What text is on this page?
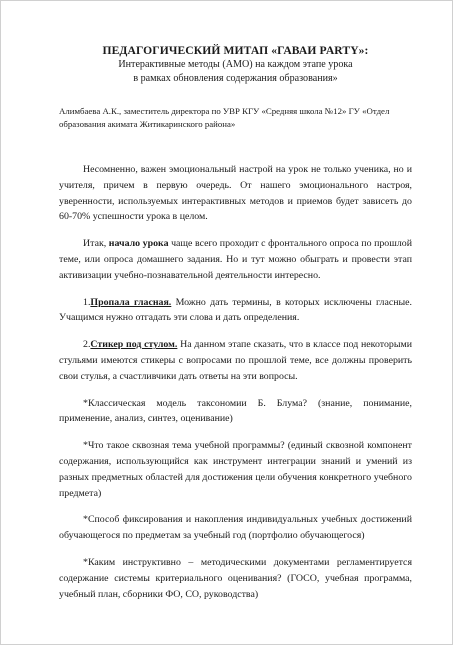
ПЕДАГОГИЧЕСКИЙ МИТАП «ГАВАИ PARTY»:
Интерактивные методы (АМО) на каждом этапе урока
в рамках обновления содержания образования»
Алимбаева А.К., заместитель директора по УВР КГУ «Средняя школа №12» ГУ «Отдел образования акимата Житикаринского района»

Несомненно, важен эмоциональный настрой на урок не только ученика, но и учителя, причем в первую очередь. От нашего эмоционального настроя, уверенности, используемых интерактивных методов и приемов будет зависеть до 60-70% успешности урока в целом.

Итак, начало урока чаще всего проходит с фронтального опроса по прошлой теме, или опроса домашнего задания. Но и тут можно обыграть и провести этап активизации учебно-познавательной деятельности интересно.

1.Пропала гласная. Можно дать термины, в которых исключены гласные. Учащимся нужно отгадать эти слова и дать определения.

2.Стикер под стулом. На данном этапе сказать, что в классе под некоторыми стульями имеются стикеры с вопросами по прошлой теме, все должны проверить свои стулья, а счастливчики дать ответы на эти вопросы.

*Классическая модель таксономии Б. Блума? (знание, понимание, применение, анализ, синтез, оценивание)

*Что такое сквозная тема учебной программы? (единый сквозной компонент содержания, использующийся как инструмент интеграции знаний и умений из разных предметных областей для достижения цели обучения конкретного учебного предмета)

*Способ фиксирования и накопления индивидуальных учебных достижений обучающегося по предметам за учебный год (портфолио обучающегося)

*Каким инструктивно – методическими документами регламентируется содержание системы критериального оценивания? (ГОСО, учебная программа, учебный план, сборники ФО, СО, руководства)
